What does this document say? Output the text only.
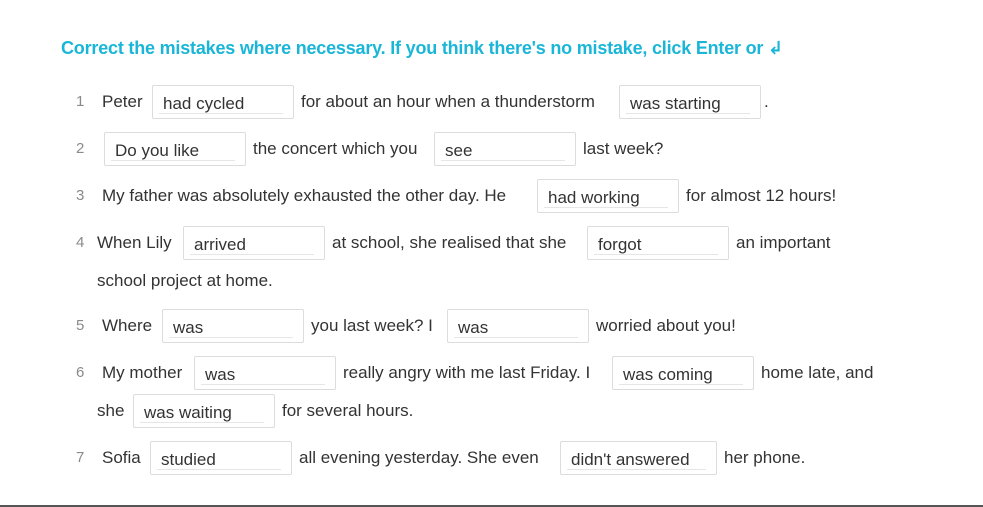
Correct the mistakes where necessary. If you think there's no mistake, click Enter or ↲
1 Peter	had cycled	for about an hour when a thunderstorm	was starting	.
2	Do you like	the concert which you	see	last week?
3 My father was absolutely exhausted the other day. He	had working	for almost 12 hours!
4 When Lily	arrived	at school, she realised that she	forgot	an important
school project at home.
5 Where	was	you last week? I	was	worried about you!
6 My mother	was	really angry with me last Friday. I	was coming	home late, and
she	was waiting	for several hours.
7 Sofia	studied	all evening yesterday. She even	didn't answered	her phone.
